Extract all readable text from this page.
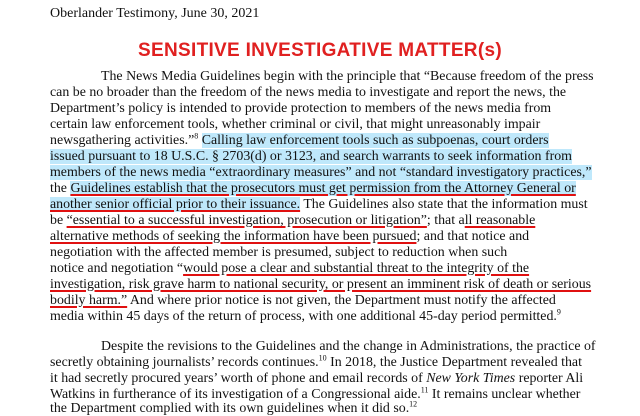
Oberlander Testimony, June 30, 2021
SENSITIVE INVESTIGATIVE MATTER(s)
The News Media Guidelines begin with the principle that “Because freedom of the press
can be no broader than the freedom of the news media to investigate and report the news, the
Department’s policy is intended to provide protection to members of the news media from
certain law enforcement tools, whether criminal or civil, that might unreasonably impair
newsgathering activities.”$^8$ Calling law enforcement tools such as subpoenas, court orders
issued pursuant to 18 U.S.C. § 2703(d) or 3123, and search warrants to seek information from
members of the news media “extraordinary measures” and not “standard investigatory practices,”
the Guidelines establish that the prosecutors must get permission from the Attorney General or
another senior official prior to their issuance. The Guidelines also state that the information must
be “essential to a successful investigation, prosecution or litigation”; that all reasonable
alternative methods of seeking the information have been pursued; and that notice and
negotiation with the affected member is presumed, subject to reduction when such
notice and negotiation “would pose a clear and substantial threat to the integrity of the
investigation, risk grave harm to national security, or present an imminent risk of death or serious
bodily harm.” And where prior notice is not given, the Department must notify the affected
media within 45 days of the return of process, with one additional 45-day period permitted.$^9$
Despite the revisions to the Guidelines and the change in Administrations, the practice of
secretly obtaining journalists’ records continues.$^{10}$ In 2018, the Justice Department revealed that
it had secretly procured years’ worth of phone and email records of New York Times reporter Ali
Watkins in furtherance of its investigation of a Congressional aide.$^{11}$ It remains unclear whether
the Department complied with its own guidelines when it did so.$^{12}$
